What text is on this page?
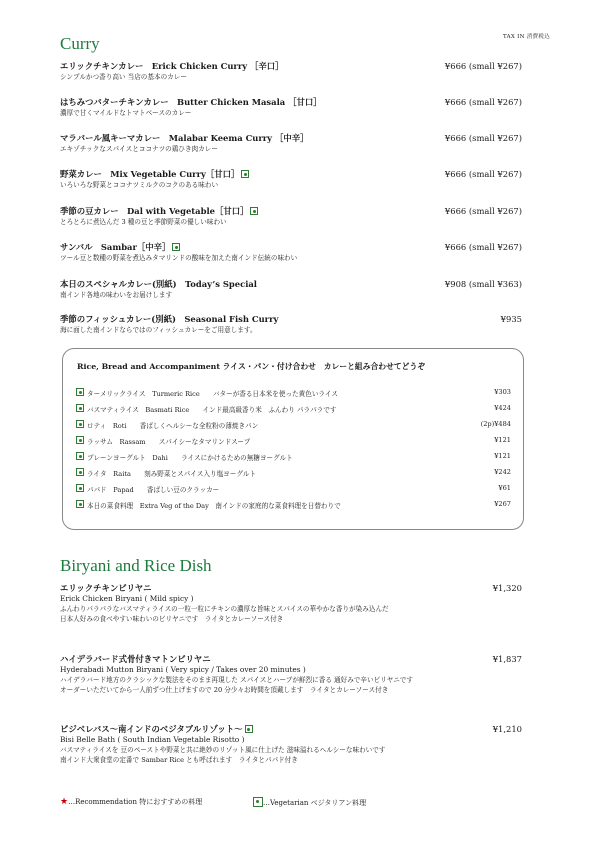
TAX IN 消費税込
Curry
エリックチキンカレー　Erick Chicken Curry ［辛口］
シンプルかつ香り高い 当店の基本のカレー
¥666 (small ¥267)
はちみつバターチキンカレー　Butter Chicken Masala ［甘口］
濃厚で甘くマイルドなトマトベースのカレー
¥666 (small ¥267)
マラバール風キーマカレー　Malabar Keema Curry ［中辛］
エキゾチックなスパイスとココナツの鶏ひき肉カレー
¥666 (small ¥267)
野菜カレー　Mix Vegetable Curry［甘口］
いろいろな野菜とココナツミルクのコクのある味わい
¥666 (small ¥267)
季節の豆カレー　Dal with Vegetable［甘口］
とろとろに煮込んだ 3 種の豆と季節野菜の優しい味わい
¥666 (small ¥267)
サンバル　Sambar［中辛］
ツール豆と数種の野菜を煮込みタマリンドの酸味を加えた南インド伝統の味わい
¥666 (small ¥267)
本日のスペシャルカレー(別紙)　Today’s Special
南インド各地の味わいをお届けします
¥908 (small ¥363)
季節のフィッシュカレー(別紙)　Seasonal Fish Curry
海に面した南インドならではのフィッシュカレーをご用意します。
¥935
Rice, Bread and Accompaniment ライス・パン・付け合わせ　カレーと組み合わせてどうぞ
ターメリックライス　Turmeric Rice　　バターが香る日本米を使った黄色いライス	¥303
バスマティライス　Basmati Rice　　インド最高級香り米　ふんわり パラパラです	¥424
ロティ　Roti　　香ばしくヘルシーな全粒粉の薄焼きパン	(2p)¥484
ラッサム　Rassam　　スパイシーなタマリンドスープ	¥121
プレーンヨーグルト　Dahi　　ライスにかけるための無糖ヨーグルト	¥121
ライタ　Raita　　刻み野菜とスパイス入り塩ヨーグルト	¥242
パパド　Papad　　香ばしい豆のクラッカー	¥61
本日の菜食料理　Extra Veg of the Day　南インドの家庭的な菜食料理を日替わりで	¥267
Biryani and Rice Dish
エリックチキンビリヤニ
Erick Chicken Biryani ( Mild spicy )
ふんわりパラパラなバスマティライスの一粒一粒にチキンの濃厚な旨味とスパイスの華やかな香りが染み込んだ
日本人好みの食べやすい味わいのビリヤニです　ライタとカレーソース付き
¥1,320
ハイデラバード式骨付きマトンビリヤニ
Hyderabadi Mutton Biryani ( Very spicy / Takes over 20 minutes )
ハイデラバード地方のクラシックな製法をそのまま再現した スパイスとハーブが鮮烈に香る 通好みで辛いビリヤニです
オーダーいただいてから一人前ずつ仕上げますので 20 分少々お時間を頂戴します　ライタとカレーソース付き
¥1,837
ビジベレバス～南インドのベジタブルリゾット～
Bisi Belle Bath ( South Indian Vegetable Risotto )
バスマティライスを 豆のペーストや野菜と共に絶妙のリゾット風に仕上げた 滋味溢れるヘルシーな味わいです
南インド大衆食堂の定番で Sambar Rice とも呼ばれます　ライタとパパド付き
¥1,210
★…Recommendation 特におすすめの料理	…Vegetarian ベジタリアン料理
